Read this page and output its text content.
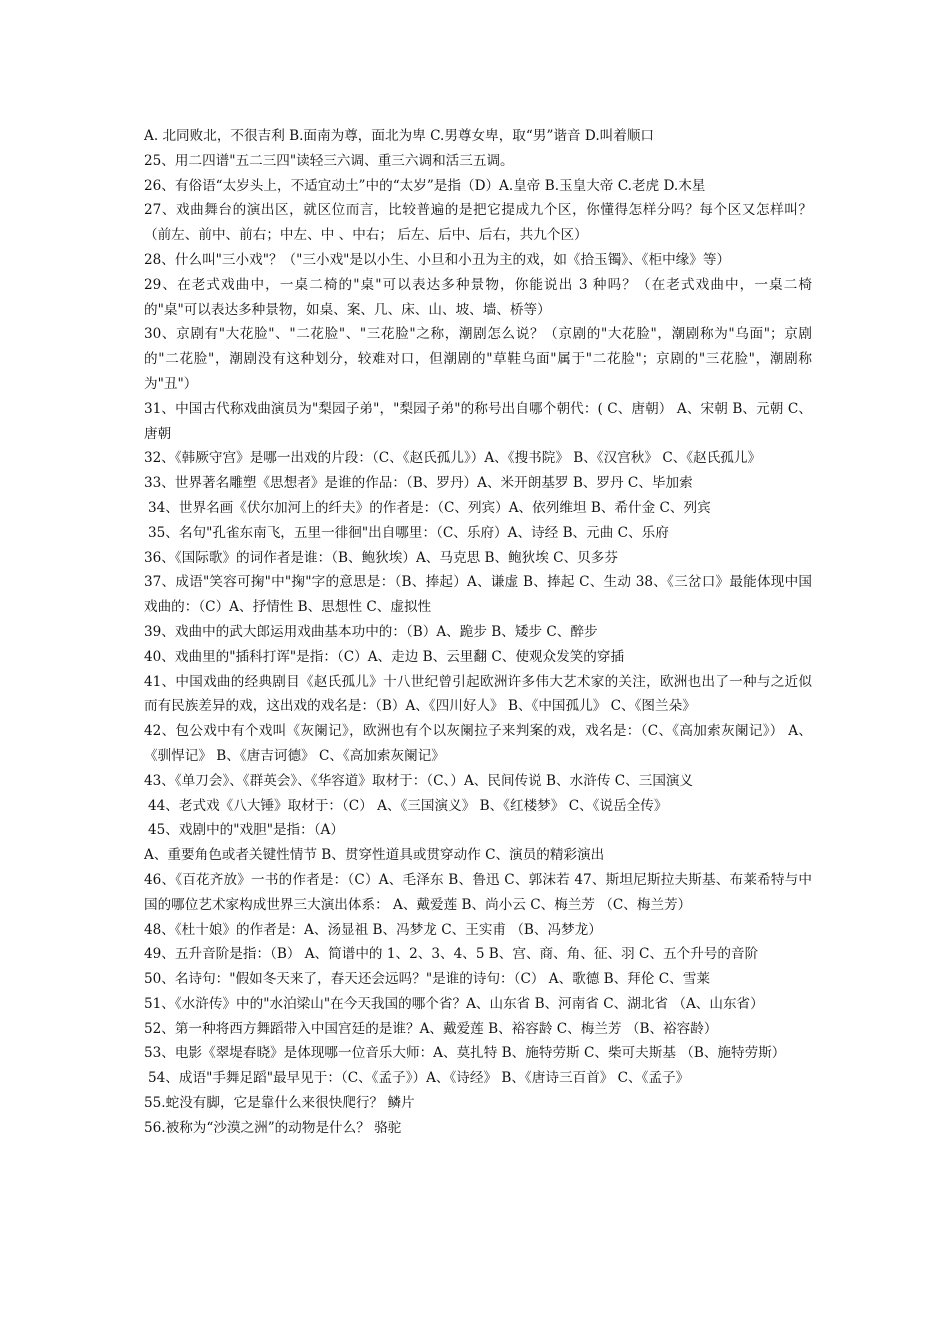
A. 北同败北，不很吉利 B.面南为尊，面北为卑 C.男尊女卑，取“男”谐音 D.叫着顺口

25、用二四谱"五二三四"读轻三六调、重三六调和活三五调。

26、有俗语“太岁头上，不适宜动土”中的“太岁”是指（D）A.皇帝 B.玉皇大帝 C.老虎 D.木星

27、戏曲舞台的演出区，就区位而言，比较普遍的是把它提成九个区，你懂得怎样分吗？每个区又怎样叫？（前左、前中、前右；中左、中 、中右； 后左、后中、后右，共九个区）

28、什么叫"三小戏"？（"三小戏"是以小生、小旦和小丑为主的戏，如《拾玉镯》、《柜中缘》等）

29、在老式戏曲中，一桌二椅的"桌"可以表达多种景物，你能说出 3 种吗？（在老式戏曲中，一桌二椅的"桌"可以表达多种景物，如桌、案、几、床、山、坡、墙、桥等）

30、京剧有"大花脸"、"二花脸"、"三花脸"之称，潮剧怎么说？（京剧的"大花脸"，潮剧称为"乌面"；京剧的"二花脸"，潮剧没有这种划分，较难对口，但潮剧的"草鞋乌面"属于"二花脸"；京剧的"三花脸"，潮剧称为"丑"）

31、中国古代称戏曲演员为"梨园子弟"，"梨园子弟"的称号出自哪个朝代：( C、唐朝） A、宋朝 B、元朝 C、唐朝

32、《韩厥守宫》是哪一出戏的片段：（C、《赵氏孤儿》）A、《搜书院》 B、《汉宫秋》 C、《赵氏孤儿》

33、世界著名雕塑《思想者》是谁的作品：（B、罗丹）A、米开朗基罗 B、罗丹 C、毕加索

34、世界名画《伏尔加河上的纤夫》的作者是：（C、列宾）A、依列维坦 B、希什金 C、列宾

35、名句"孔雀东南飞，五里一徘徊"出自哪里：（C、乐府）A、诗经 B、元曲 C、乐府

36、《国际歌》的词作者是谁：（B、鲍狄埃）A、马克思 B、鲍狄埃 C、贝多芬

37、成语"笑容可掬"中"掬"字的意思是：（B、捧起）A、谦虚 B、捧起 C、生动 38、《三岔口》最能体现中国戏曲的：（C）A、抒情性 B、思想性 C、虚拟性

39、戏曲中的武大郎运用戏曲基本功中的：（B）A、跪步 B、矮步 C、醉步

40、戏曲里的"插科打诨"是指：（C）A、走边 B、云里翻 C、使观众发笑的穿插

41、中国戏曲的经典剧目《赵氏孤儿》十八世纪曾引起欧洲许多伟大艺术家的关注，欧洲也出了一种与之近似而有民族差异的戏，这出戏的戏名是：（B）A、《四川好人》 B、《中国孤儿》 C、《图兰朵》

42、包公戏中有个戏叫《灰阑记》，欧洲也有个以灰阑拉子来判案的戏，戏名是：（C、《高加索灰阑记》） A、《驯悍记》 B、《唐吉诃德》 C、《高加索灰阑记》

43、《单刀会》、《群英会》、《华容道》取材于：（C、）A、民间传说 B、水浒传 C、三国演义

44、老式戏《八大锤》取材于：（C） A、《三国演义》 B、《红楼梦》 C、《说岳全传》

45、戏剧中的"戏胆"是指：（A）

A、重要角色或者关键性情节 B、贯穿性道具或贯穿动作 C、演员的精彩演出

46、《百花齐放》一书的作者是：（C）A、毛泽东 B、鲁迅 C、郭沫若 47、斯坦尼斯拉夫斯基、布莱希特与中国的哪位艺术家构成世界三大演出体系： A、戴爱莲 B、尚小云 C、梅兰芳 （C、梅兰芳）

48、《杜十娘》的作者是：A、汤显祖 B、冯梦龙 C、王实甫 （B、冯梦龙）

49、五升音阶是指：（B） A、简谱中的 1、2、3、4、5 B、宫、商、角、征、羽 C、五个升号的音阶

50、名诗句："假如冬天来了，春天还会远吗？"是谁的诗句：（C） A、歌德 B、拜伦 C、雪莱

51、《水浒传》中的"水泊梁山"在今天我国的哪个省？A、山东省 B、河南省 C、湖北省 （A、山东省）

52、第一种将西方舞蹈带入中国宫廷的是谁？A、戴爱莲 B、裕容龄 C、梅兰芳 （B、裕容龄）

53、电影《翠堤春晓》是体现哪一位音乐大师：A、莫扎特 B、施特劳斯 C、柴可夫斯基 （B、施特劳斯）

54、成语"手舞足蹈"最早见于：（C、《孟子》）A、《诗经》 B、《唐诗三百首》 C、《孟子》

55.蛇没有脚，它是靠什么来很快爬行？ 鳞片

56.被称为“沙漠之洲”的动物是什么？ 骆驼
